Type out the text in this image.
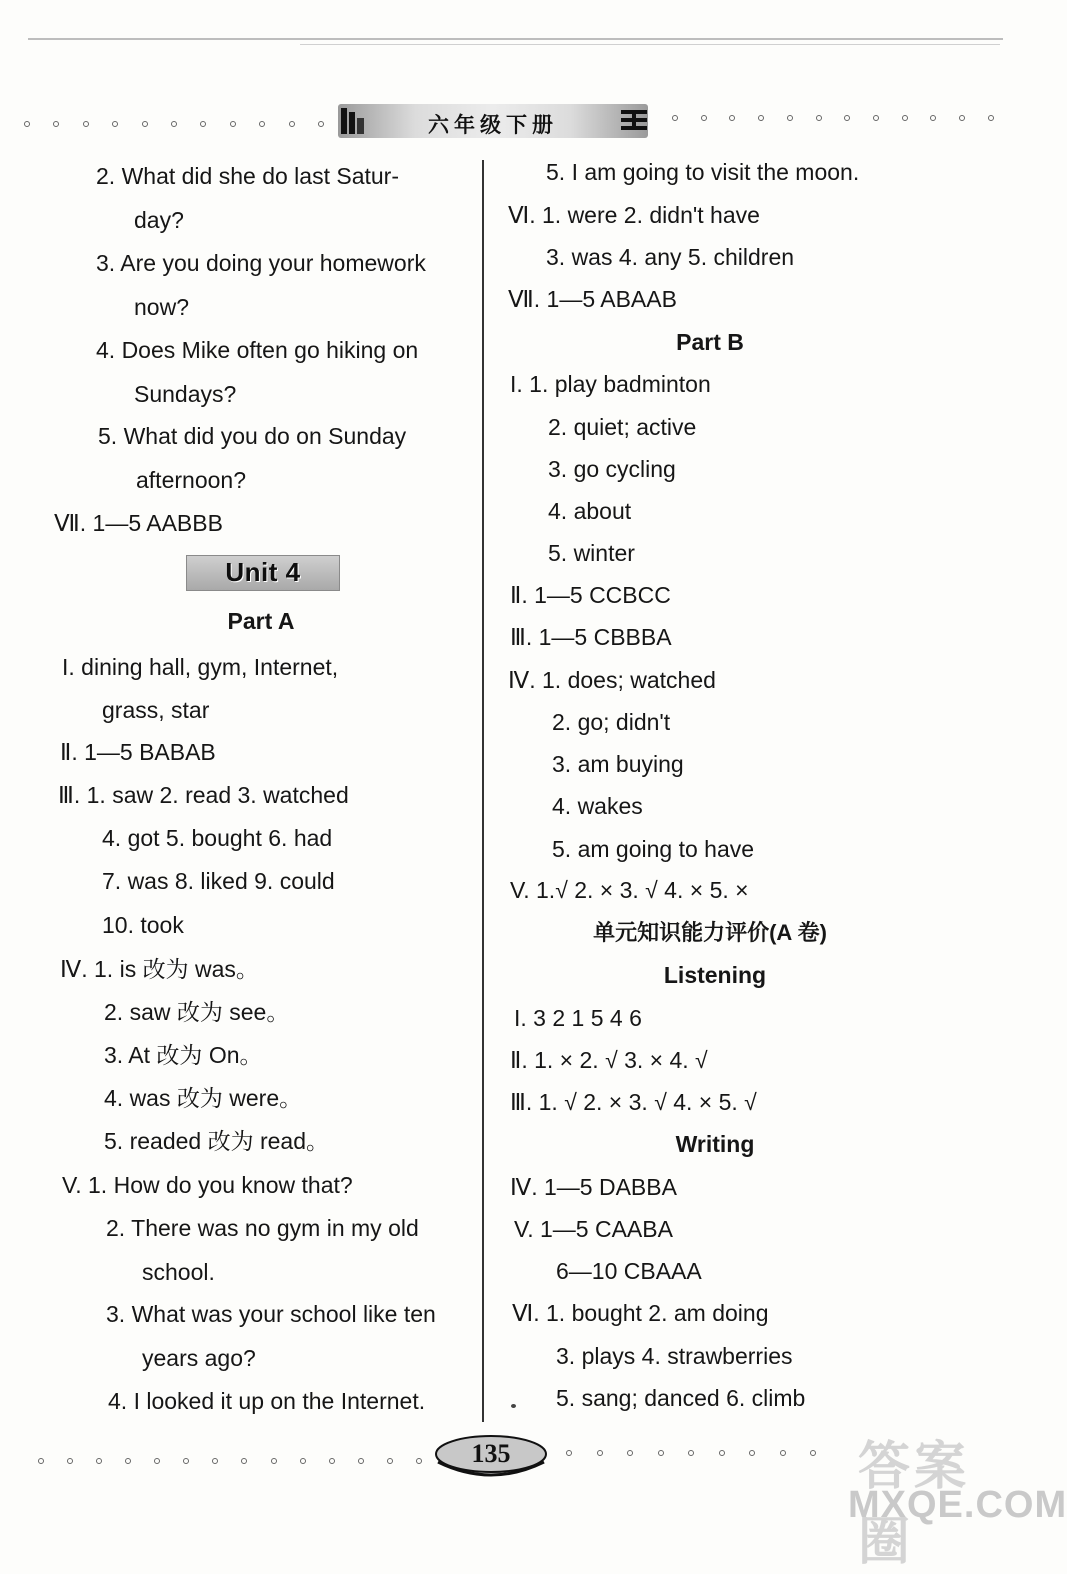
六年级下册
2. What did she do last Satur-
day?
3. Are you doing your homework
now?
4. Does Mike often go hiking on
Sundays?
5. What did you do on Sunday
afternoon?
Ⅶ. 1—5 AABBB
Unit 4
Part A
I. dining hall, gym, Internet,
grass, star
Ⅱ. 1—5 BABAB
Ⅲ. 1. saw 2. read 3. watched
4. got 5. bought 6. had
7. was 8. liked 9. could
10. took
Ⅳ. 1. is 改为 was。
2. saw 改为 see。
3. At 改为 On。
4. was 改为 were。
5. readed 改为 read。
V. 1. How do you know that?
2. There was no gym in my old
school.
3. What was your school like ten
years ago?
4. I looked it up on the Internet.
5. I am going to visit the moon.
Ⅵ. 1. were 2. didn't have
3. was 4. any 5. children
Ⅶ. 1—5 ABAAB
Part B
I. 1. play badminton
2. quiet; active
3. go cycling
4. about
5. winter
Ⅱ. 1—5 CCBCC
Ⅲ. 1—5 CBBBA
Ⅳ. 1. does; watched
2. go; didn't
3. am buying
4. wakes
5. am going to have
V. 1.√ 2. × 3. √ 4. × 5. ×
单元知识能力评价(A 卷)
Listening
I. 3 2 1 5 4 6
Ⅱ. 1. × 2. √ 3. × 4. √
Ⅲ. 1. √ 2. × 3. √ 4. × 5. √
Writing
Ⅳ. 1—5 DABBA
V. 1—5 CAABA
6—10 CBAAA
Ⅵ. 1. bought 2. am doing
3. plays 4. strawberries
5. sang; danced 6. climb
135	答案圈
MXQE.COM
